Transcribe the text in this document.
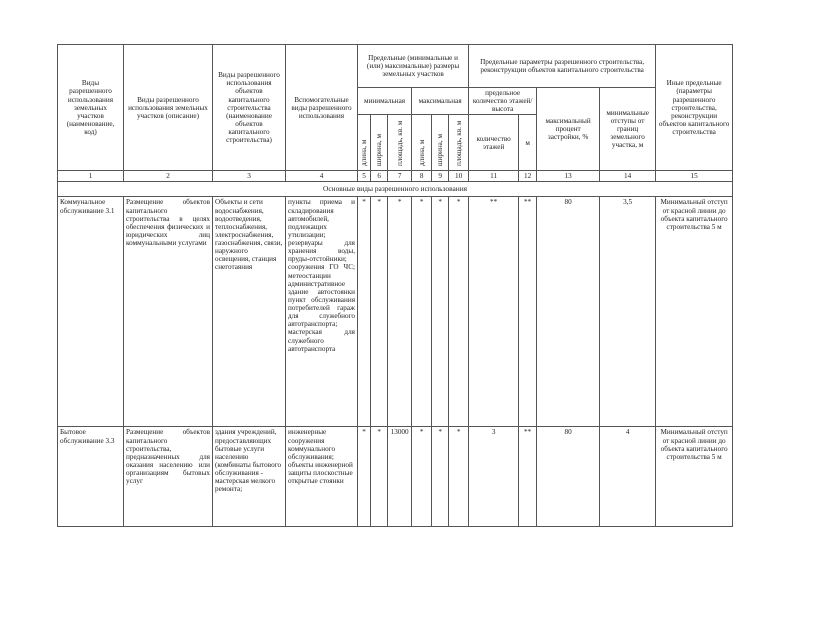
Виды разрешенного использования земельных участков (наименование, код)	Виды разрешенного использования земельных участков (описание)	Виды разрешенного использования объектов капитального строительства (наименование объектов капитального строительства)	Вспомогательные виды разрешенного использования	Предельные (минимальные и (или) максимальные) размеры земельных участков						Предельные параметры разрешенного строительства, реконструкции объектов капитального строительства				Иные предельные (параметры разрешенного строительства, реконструкции объектов капитального строительства
				минимальная			максимальная			предельное количество этажей/высота		максимальный процент застройки, %	минимальные отступы от границ земельного участка, м	
				длина, м	ширина, м	площадь, кв. м	длина, м	ширина, м	площадь, кв. м	количество этажей	м			
1	2	3	4	5	6	7	8	9	10	11	12	13	14	15
Основные виды разрешенного использования														
Коммунальное обслуживание 3.1	Размещение объектов капитального строительства в целях обеспечения физических и юридических лиц коммунальными услугами	Объекты и сети водоснабжения, водоотведения, теплоснабжения, электроснабжения, газоснабжения, связи, наружного освещения, станция снеготаяния	пункты приема и складирования автомобилей, подлежащих утилизации; резервуары для хранения воды, пруды-отстойники; сооружения ГО ЧС; метеостанции административное здание автостоянки пункт обслуживания потребителей гараж для служебного автотранспорта; мастерская для служебного автотранспорта	*	*	*	*	*	*	**	**	80	3,5	Минимальный отступ от красной линии до объекта капитального строительства 5 м
Бытовое обслуживание 3.3	Размещение объектов капитального строительства, предназначенных для оказания населению или организациям бытовых услуг	здания учреждений, предоставляющих бытовые услуги населению (комбинаты бытового обслуживания - мастерская мелкого ремонта;	инженерные сооружения коммунального обслуживания; объекты инженерной защиты плоскостные открытые стоянки	*	*	13000	*	*	*	3	**	80	4	Минимальный отступ от красной линии до объекта капитального строительства 5 м
